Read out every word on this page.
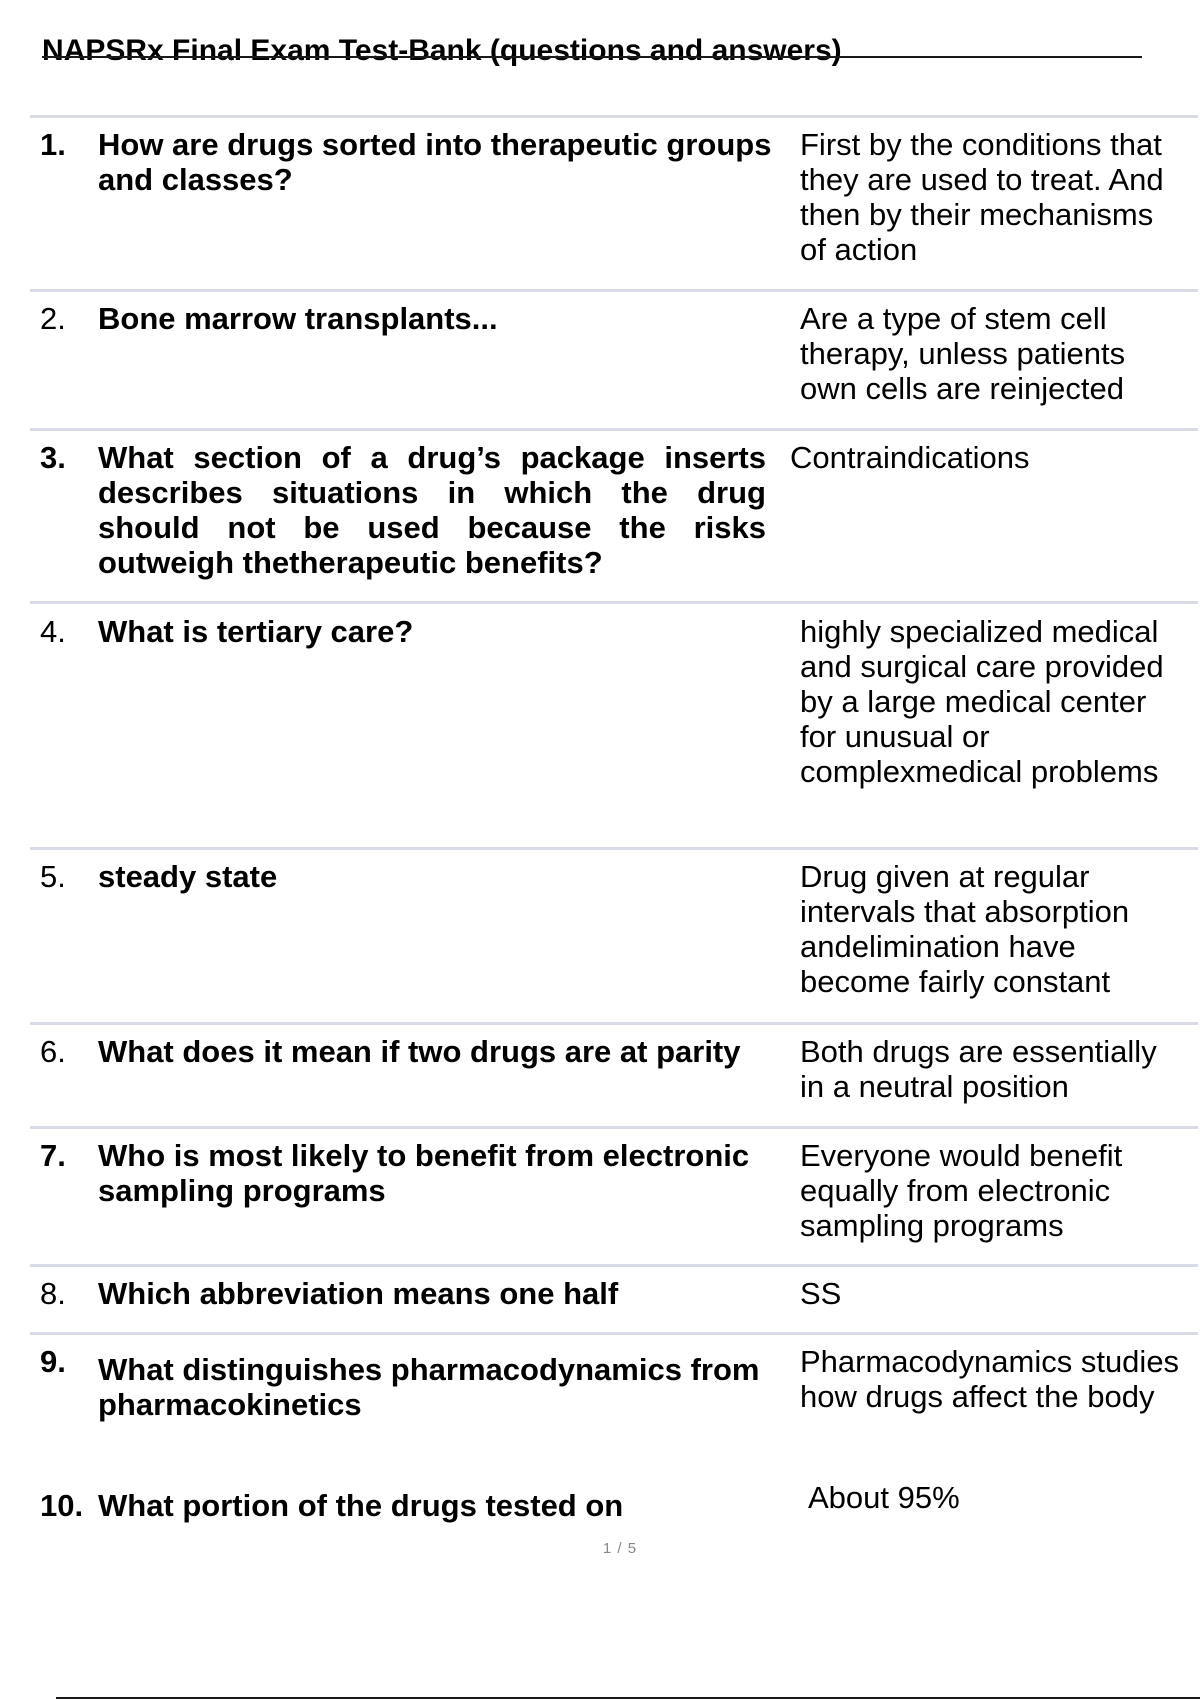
NAPSRx Final Exam Test-Bank (questions and answers)
1.	How are drugs sorted into therapeutic groups and classes?
First by the conditions that they are used to treat. And then by their mechanisms of action
2.	Bone marrow transplants...	Are a type of stem cell therapy, unless patients own cells are reinjected
3.	What section of a drug’s package inserts describes situations in which the drug should not be used because the risks outweigh thetherapeutic benefits?
Contraindications
4.	What is tertiary care?	highly specialized medical and surgical care provided by a large medical center for unusual or complexmedical problems
5.	steady state	Drug given at regular intervals that absorption andelimination have become fairly constant
6.	What does it mean if two drugs are at parity	Both drugs are essentially in a neutral position
7.	Who is most likely to benefit from electronic sampling programs
Everyone would benefit equally from electronic sampling programs
8.	Which abbreviation means one half	SS
9.	What distinguishes pharmacodynamics from pharmacokinetics
Pharmacodynamics studies how drugs affect the body
10. What portion of the drugs tested on	About 95%
1 / 5
